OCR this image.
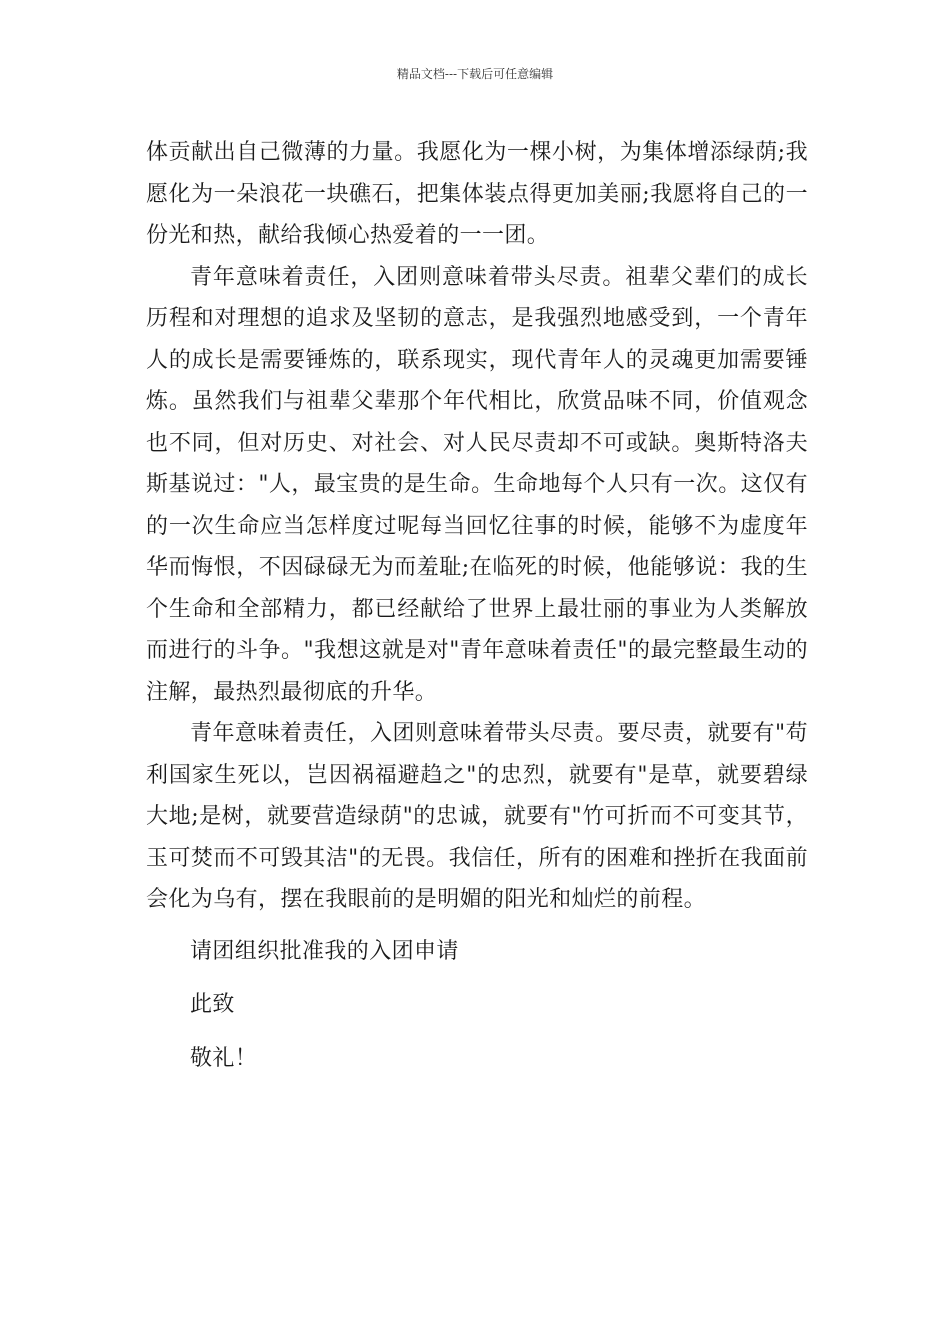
精品文档---下载后可任意编辑

体贡献出自己微薄的力量。我愿化为一棵小树，为集体增添绿荫;我愿化为一朵浪花一块礁石，把集体装点得更加美丽;我愿将自己的一份光和热，献给我倾心热爱着的一一团。

青年意味着责任，入团则意味着带头尽责。祖辈父辈们的成长历程和对理想的追求及坚韧的意志，是我强烈地感受到，一个青年人的成长是需要锤炼的，联系现实，现代青年人的灵魂更加需要锤炼。虽然我们与祖辈父辈那个年代相比，欣赏品味不同，价值观念也不同，但对历史、对社会、对人民尽责却不可或缺。奥斯特洛夫斯基说过："人，最宝贵的是生命。生命地每个人只有一次。这仅有的一次生命应当怎样度过呢每当回忆往事的时候，能够不为虚度年华而悔恨，不因碌碌无为而羞耻;在临死的时候，他能够说：我的生个生命和全部精力，都已经献给了世界上最壮丽的事业为人类解放而进行的斗争。"我想这就是对"青年意味着责任"的最完整最生动的注解，最热烈最彻底的升华。

青年意味着责任，入团则意味着带头尽责。要尽责，就要有"苟利国家生死以，岂因祸福避趋之"的忠烈，就要有"是草，就要碧绿大地;是树，就要营造绿荫"的忠诚，就要有"竹可折而不可变其节，玉可焚而不可毁其洁"的无畏。我信任，所有的困难和挫折在我面前会化为乌有，摆在我眼前的是明媚的阳光和灿烂的前程。

请团组织批准我的入团申请

此致

敬礼！
